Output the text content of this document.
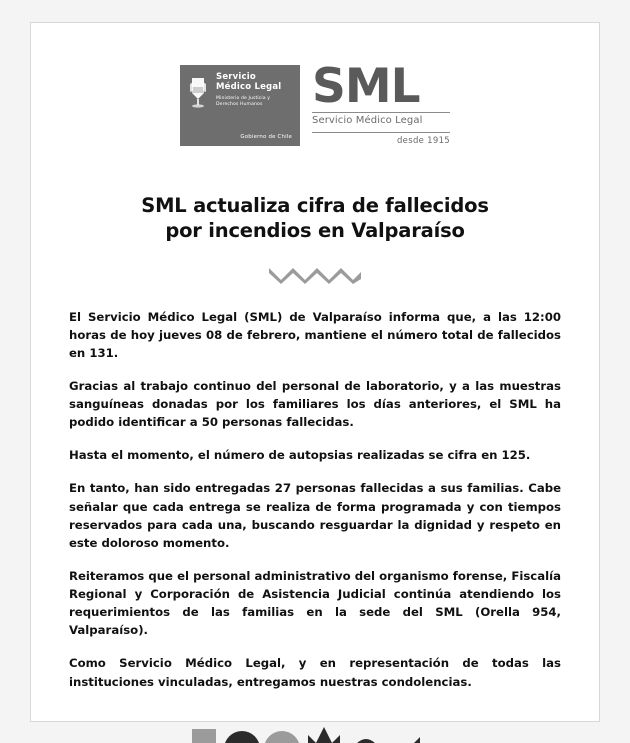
Servicio
Médico Legal
Ministerio de Justicia y Derechos Humanos
Gobierno de Chile
SML
Servicio Médico Legal
desde 1915
SML actualiza cifra de fallecidos
por incendios en Valparaíso

El Servicio Médico Legal (SML) de Valparaíso informa que, a las 12:00 horas de hoy jueves 08 de febrero, mantiene el número total de fallecidos en 131.

Gracias al trabajo continuo del personal de laboratorio, y a las muestras sanguíneas donadas por los familiares los días anteriores, el SML ha podido identificar a 50 personas fallecidas.

Hasta el momento, el número de autopsias realizadas se cifra en 125.

En tanto, han sido entregadas 27 personas fallecidas a sus familias. Cabe señalar que cada entrega se realiza de forma programada y con tiempos reservados para cada una, buscando resguardar la dignidad y respeto en este doloroso momento.

Reiteramos que el personal administrativo del organismo forense, Fiscalía Regional y Corporación de Asistencia Judicial continúa atendiendo los requerimientos de las familias en la sede del SML (Orella 954, Valparaíso).

Como Servicio Médico Legal, y en representación de todas las instituciones vinculadas, entregamos nuestras condolencias.
